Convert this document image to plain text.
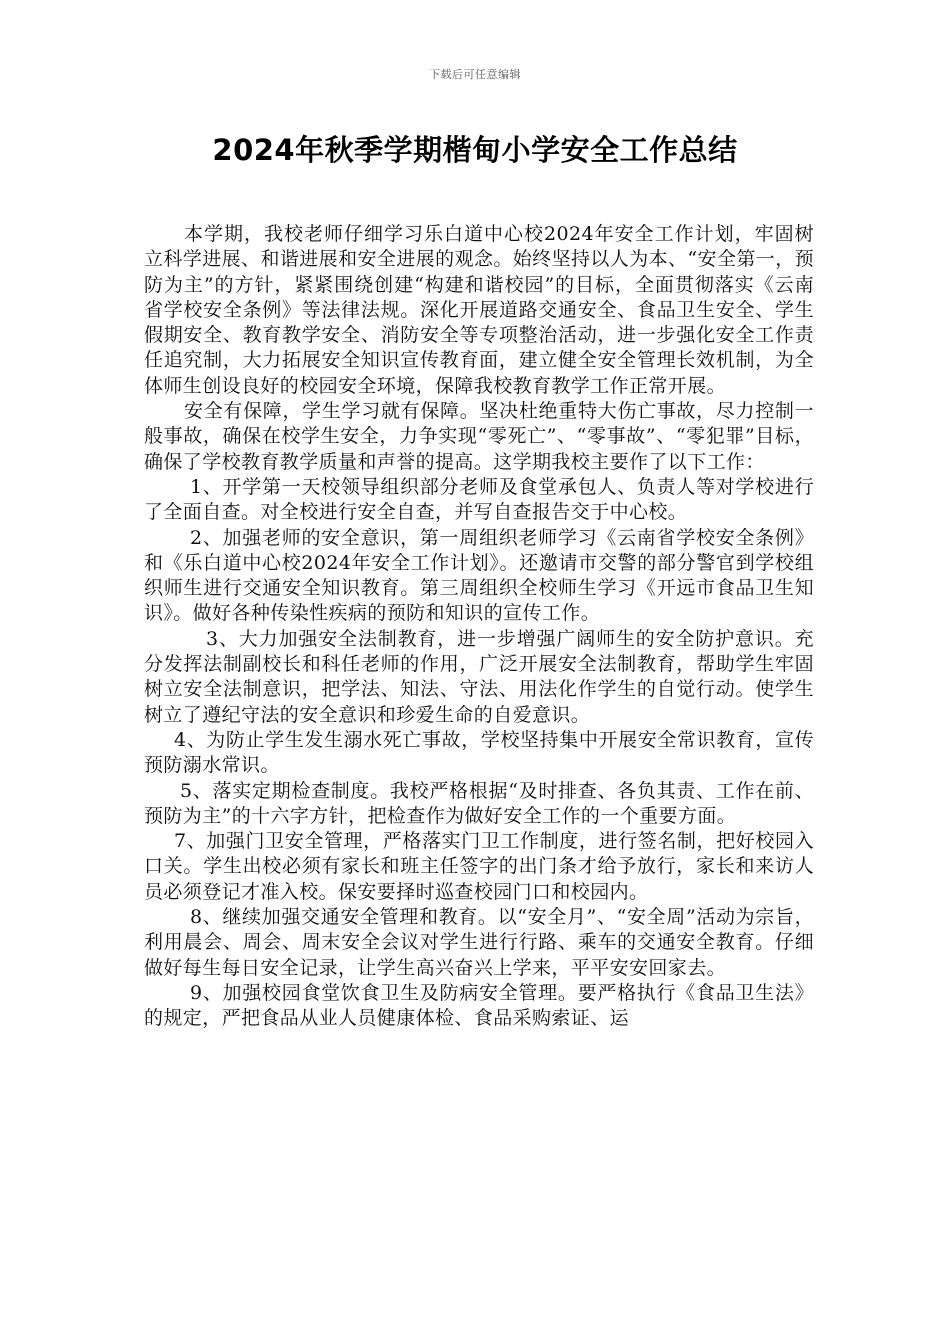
下载后可任意编辑
2024年秋季学期楷甸小学安全工作总结

本学期，我校老师仔细学习乐白道中心校2024年安全工作计划，牢固树立科学进展、和谐进展和安全进展的观念。始终坚持以人为本、“安全第一，预防为主”的方针，紧紧围绕创建“构建和谐校园”的目标，全面贯彻落实《云南省学校安全条例》等法律法规。深化开展道路交通安全、食品卫生安全、学生假期安全、教育教学安全、消防安全等专项整治活动，进一步强化安全工作责任追究制，大力拓展安全知识宣传教育面，建立健全安全管理长效机制，为全体师生创设良好的校园安全环境，保障我校教育教学工作正常开展。

安全有保障，学生学习就有保障。坚决杜绝重特大伤亡事故，尽力控制一般事故，确保在校学生安全，力争实现“零死亡”、“零事故”、“零犯罪”目标，确保了学校教育教学质量和声誉的提高。这学期我校主要作了以下工作：

1、开学第一天校领导组织部分老师及食堂承包人、负责人等对学校进行了全面自查。对全校进行安全自查，并写自查报告交于中心校。

2、加强老师的安全意识，第一周组织老师学习《云南省学校安全条例》和《乐白道中心校2024年安全工作计划》。还邀请市交警的部分警官到学校组织师生进行交通安全知识教育。第三周组织全校师生学习《开远市食品卫生知识》。做好各种传染性疾病的预防和知识的宣传工作。

3、大力加强安全法制教育，进一步增强广阔师生的安全防护意识。充分发挥法制副校长和科任老师的作用，广泛开展安全法制教育，帮助学生牢固树立安全法制意识，把学法、知法、守法、用法化作学生的自觉行动。使学生树立了遵纪守法的安全意识和珍爱生命的自爱意识。

4、为防止学生发生溺水死亡事故，学校坚持集中开展安全常识教育，宣传预防溺水常识。

5、落实定期检查制度。我校严格根据“及时排查、各负其责、工作在前、预防为主”的十六字方针，把检查作为做好安全工作的一个重要方面。

7、加强门卫安全管理，严格落实门卫工作制度，进行签名制，把好校园入口关。学生出校必须有家长和班主任签字的出门条才给予放行，家长和来访人员必须登记才准入校。保安要择时巡查校园门口和校园内。

8、继续加强交通安全管理和教育。以“安全月”、“安全周”活动为宗旨，利用晨会、周会、周末安全会议对学生进行行路、乘车的交通安全教育。仔细做好每生每日安全记录，让学生高兴奋兴上学来，平平安安回家去。

9、加强校园食堂饮食卫生及防病安全管理。要严格执行《食品卫生法》的规定，严把食品从业人员健康体检、食品采购索证、运
